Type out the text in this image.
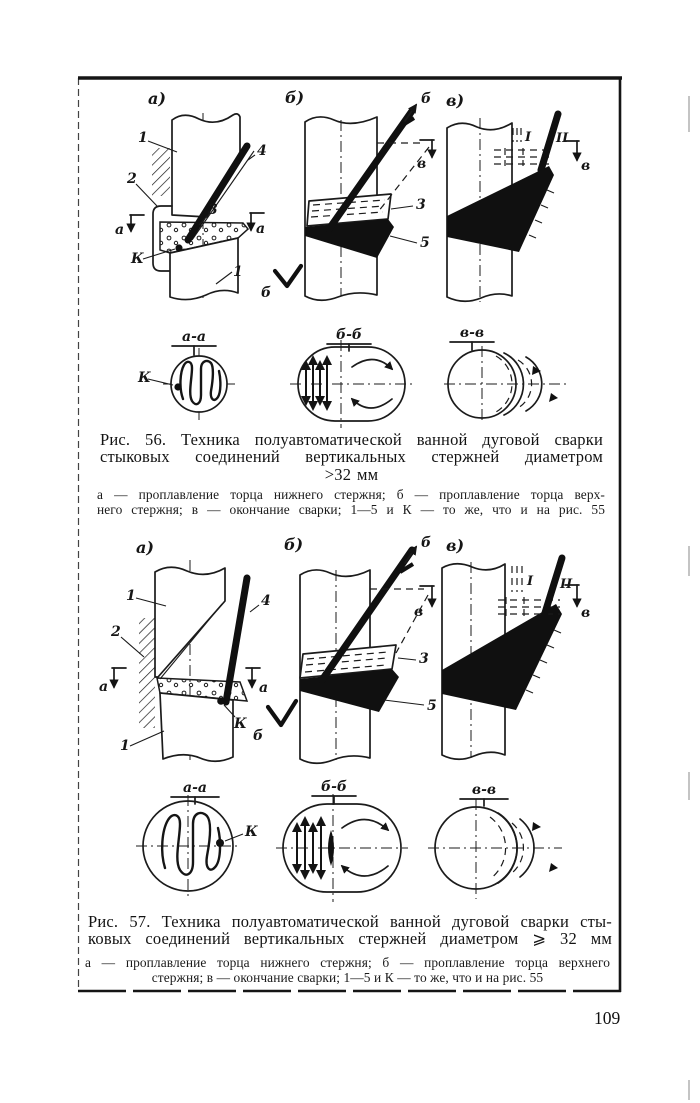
а)
1
2
3
4
К
1
а	а
б
б)	б
в
3
5
в)
I II
в
а-а
К
б-б	в-в
Рис. 56. Техника полуавтоматической ванной дуговой сварки
стыковых соединений вертикальных стержней диаметром
>32 мм
а — проплавление торца нижнего стержня; б — проплавление торца верх-
него стержня; в — окончание сварки; 1—5 и К — то же, что и на рис. 55
а)
1
2
4
К
1
а	а
б
б)	б
в
3
5
в)
I II
в
а-а
К
б-б	в-в
Рис. 57. Техника полуавтоматической ванной дуговой сварки сты-
ковых соединений вертикальных стержней диаметром ⩾ 32 мм
а — проплавление торца нижнего стержня; б — проплавление торца верхнего
стержня; в — окончание сварки; 1—5 и К — то же, что и на рис. 55
109
